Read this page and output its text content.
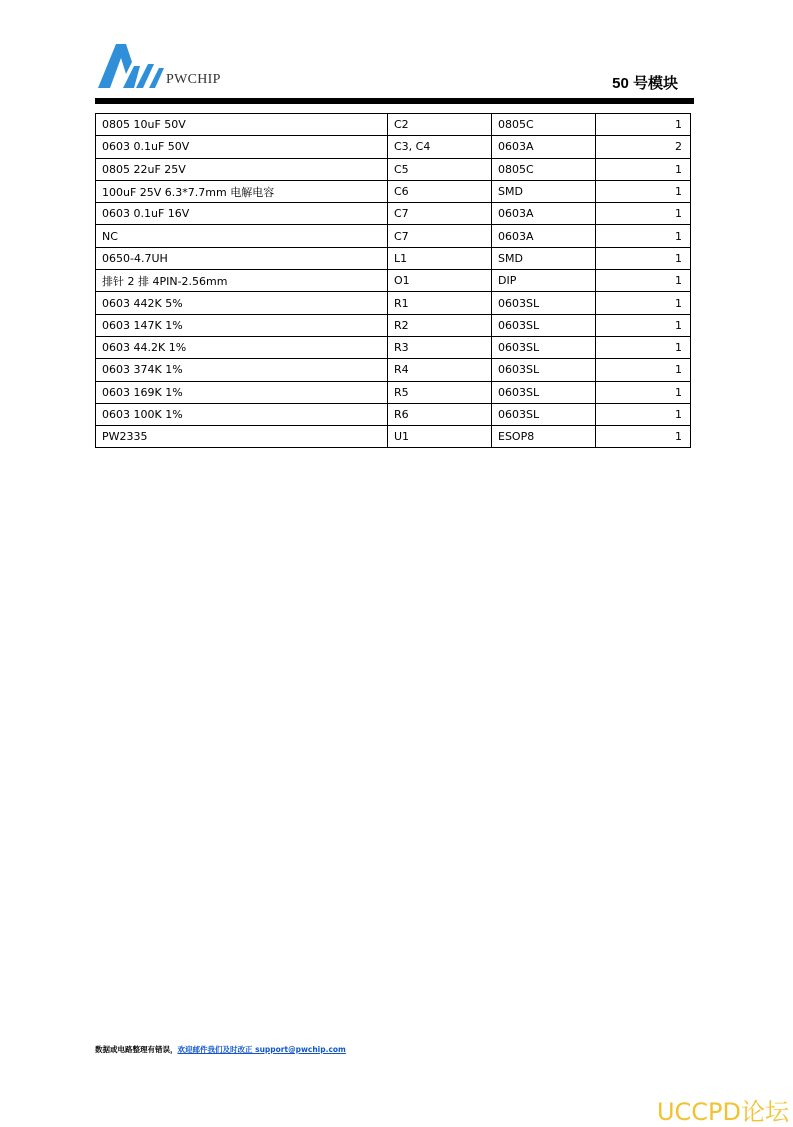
PWCHIP	50 号模块
0805 10uF 50V	C2	0805C	1
0603 0.1uF 50V	C3, C4	0603A	2
0805 22uF 25V	C5	0805C	1
100uF 25V 6.3*7.7mm 电解电容	C6	SMD	1
0603 0.1uF 16V	C7	0603A	1
NC	C7	0603A	1
0650-4.7UH	L1	SMD	1
排针 2 排 4PIN-2.56mm	O1	DIP	1
0603 442K 5%	R1	0603SL	1
0603 147K 1%	R2	0603SL	1
0603 44.2K 1%	R3	0603SL	1
0603 374K 1%	R4	0603SL	1
0603 169K 1%	R5	0603SL	1
0603 100K 1%	R6	0603SL	1
PW2335	U1	ESOP8	1
数据或电路整理有错误，欢迎邮件我们及时改正 support@pwchip.com
UCCPD论坛
